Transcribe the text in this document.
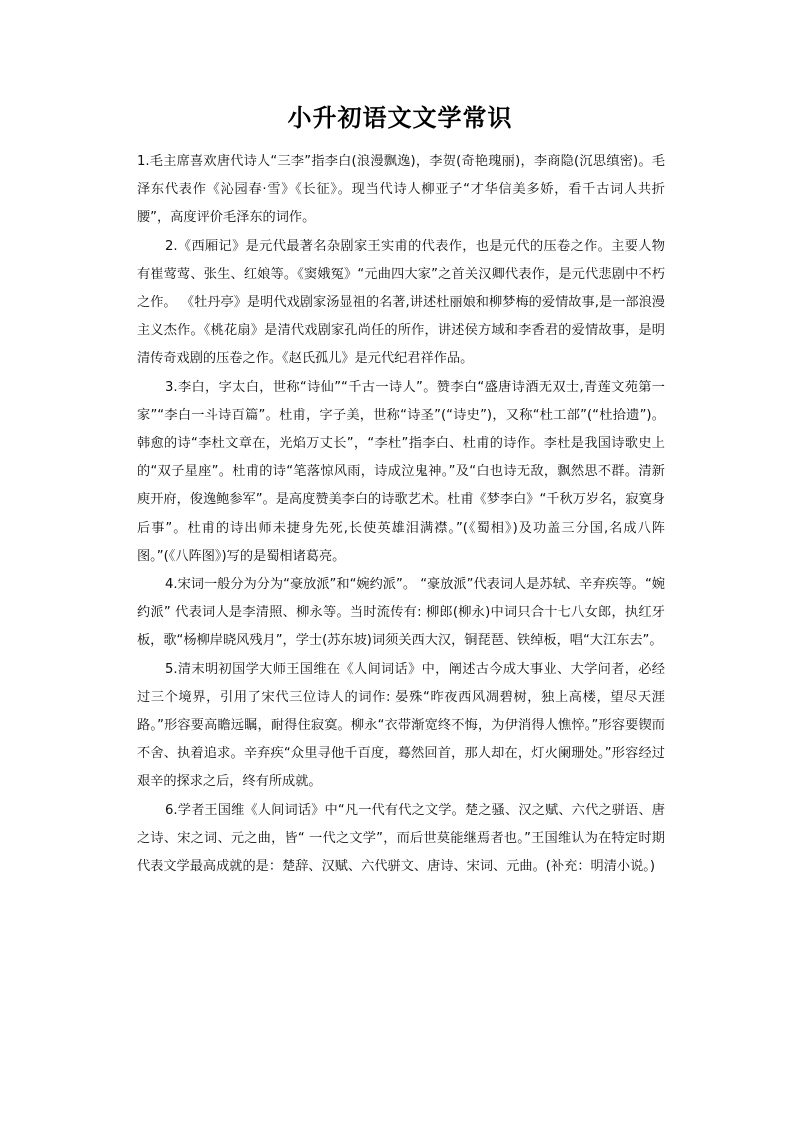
小升初语文文学常识

1.毛主席喜欢唐代诗人“三李”指李白(浪漫飘逸)，李贺(奇艳瑰丽)，李商隐(沉思缜密)。毛泽东代表作《沁园春·雪》《长征》。现当代诗人柳亚子“才华信美多娇，看千古词人共折腰”，高度评价毛泽东的词作。

2.《西厢记》是元代最著名杂剧家王实甫的代表作，也是元代的压卷之作。主要人物有崔莺莺、张生、红娘等。《窦娥冤》“元曲四大家”之首关汉卿代表作，是元代悲剧中不朽之作。 《牡丹亭》是明代戏剧家汤显祖的名著,讲述杜丽娘和柳梦梅的爱情故事,是一部浪漫主义杰作。《桃花扇》是清代戏剧家孔尚任的所作，讲述侯方域和李香君的爱情故事，是明清传奇戏剧的压卷之作。《赵氏孤儿》是元代纪君祥作品。

3.李白，字太白，世称“诗仙”“千古一诗人”。赞李白“盛唐诗酒无双士,青莲文苑第一家”“李白一斗诗百篇”。杜甫，字子美，世称“诗圣”(“诗史”)，又称“杜工部”(“杜拾遗”)。 韩愈的诗“李杜文章在，光焰万丈长”，“李杜”指李白、杜甫的诗作。李杜是我国诗歌史上的“双子星座”。杜甫的诗“笔落惊风雨，诗成泣鬼神。”及“白也诗无敌，飘然思不群。清新庾开府，俊逸鲍参军”。是高度赞美李白的诗歌艺术。杜甫《梦李白》“千秋万岁名，寂寞身后事”。杜甫的诗出师未捷身先死,长使英雄泪满襟。”(《蜀相》)及功盖三分国,名成八阵图。”(《八阵图》)写的是蜀相诸葛亮。

4.宋词一般分为分为“豪放派”和“婉约派”。 “豪放派”代表词人是苏轼、辛弃疾等。“婉约派” 代表词人是李清照、柳永等。当时流传有: 柳郎(柳永)中词只合十七八女郎，执红牙板，歌“杨柳岸晓风残月”，学士(苏东坡)词须关西大汉，铜琵琶、铁绰板，唱“大江东去”。

5.清末明初国学大师王国维在《人间词话》中，阐述古今成大事业、大学问者，必经过三个境界，引用了宋代三位诗人的词作: 晏殊“昨夜西风凋碧树，独上高楼，望尽天涯路。”形容要高瞻远瞩，耐得住寂寞。柳永“衣带渐宽终不悔，为伊消得人憔悴。”形容要锲而不舍、执着追求。辛弃疾“众里寻他千百度，蓦然回首，那人却在，灯火阑珊处。”形容经过艰辛的探求之后，终有所成就。

6.学者王国维《人间词话》中“凡一代有代之文学。楚之骚、汉之赋、六代之骈语、唐之诗、宋之词、元之曲，皆“ 一代之文学”，而后世莫能继焉者也。”王国维认为在特定时期代表文学最高成就的是：楚辞、汉赋、六代骈文、唐诗、宋词、元曲。(补充：明清小说。)
